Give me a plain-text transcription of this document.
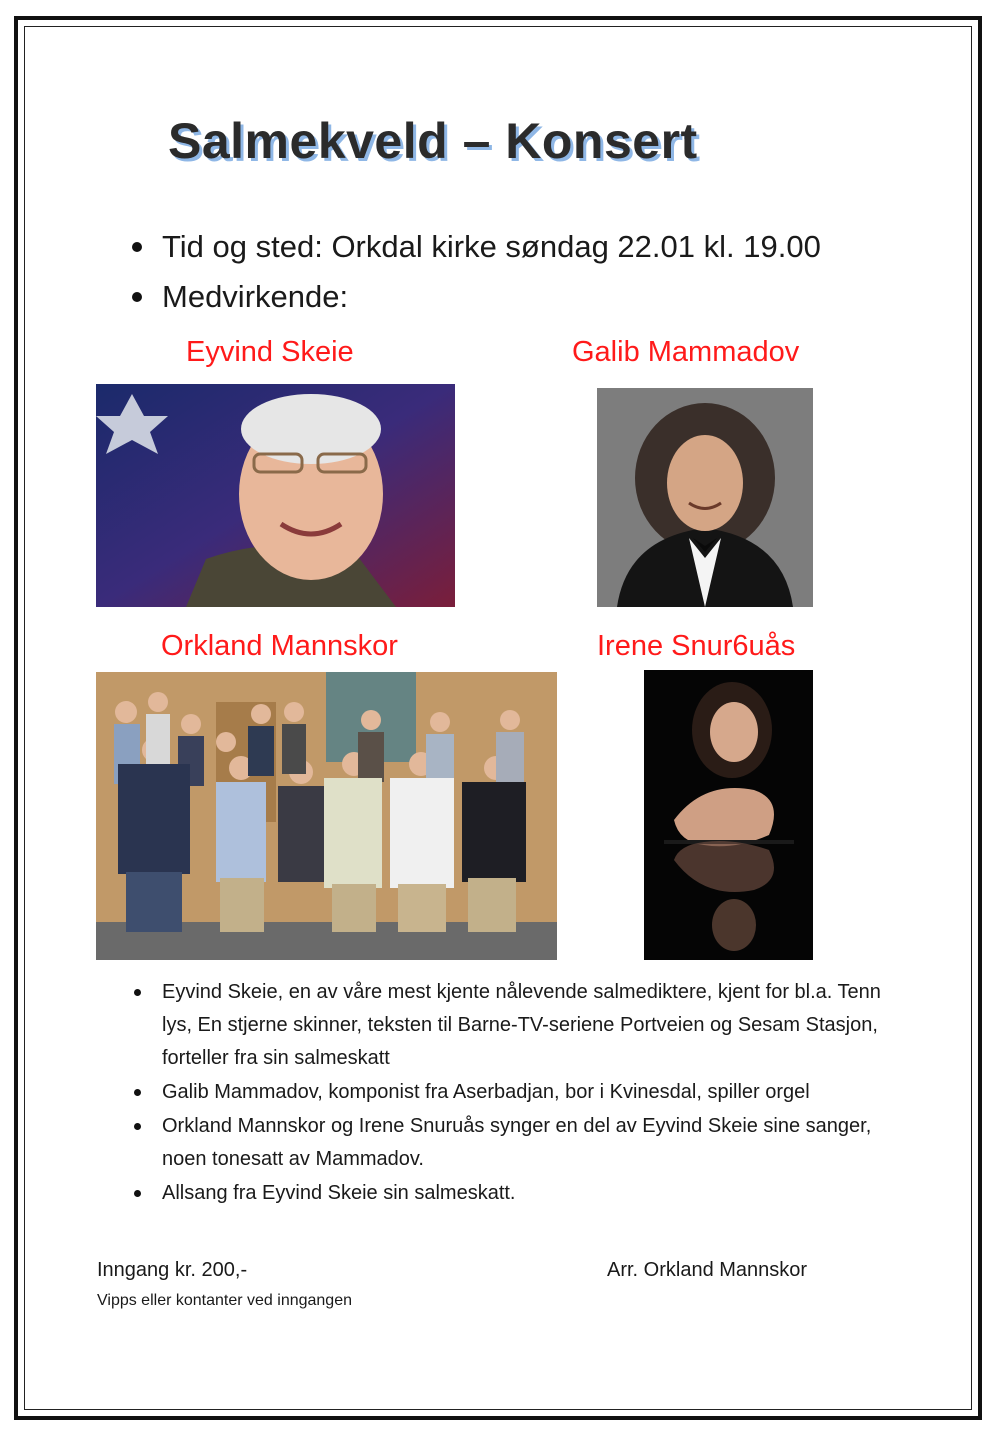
Salmekveld – Konsert
Tid og sted: Orkdal kirke søndag 22.01 kl. 19.00
Medvirkende:
Eyvind Skeie	Galib Mammadov
Orkland Mannskor	Irene Snur6uås
Eyvind Skeie, en av våre mest kjente nålevende salmediktere, kjent for bl.a. Tenn lys, En stjerne skinner, teksten til Barne-TV-seriene Portveien og Sesam Stasjon, forteller fra sin salmeskatt
Galib Mammadov, komponist fra Aserbadjan, bor i Kvinesdal, spiller orgel
Orkland Mannskor og Irene Snuruås synger en del av Eyvind Skeie sine sanger, noen tonesatt av Mammadov.
Allsang fra Eyvind Skeie sin salmeskatt.
Inngang kr. 200,-
Vipps eller kontanter ved inngangen
Arr. Orkland Mannskor
